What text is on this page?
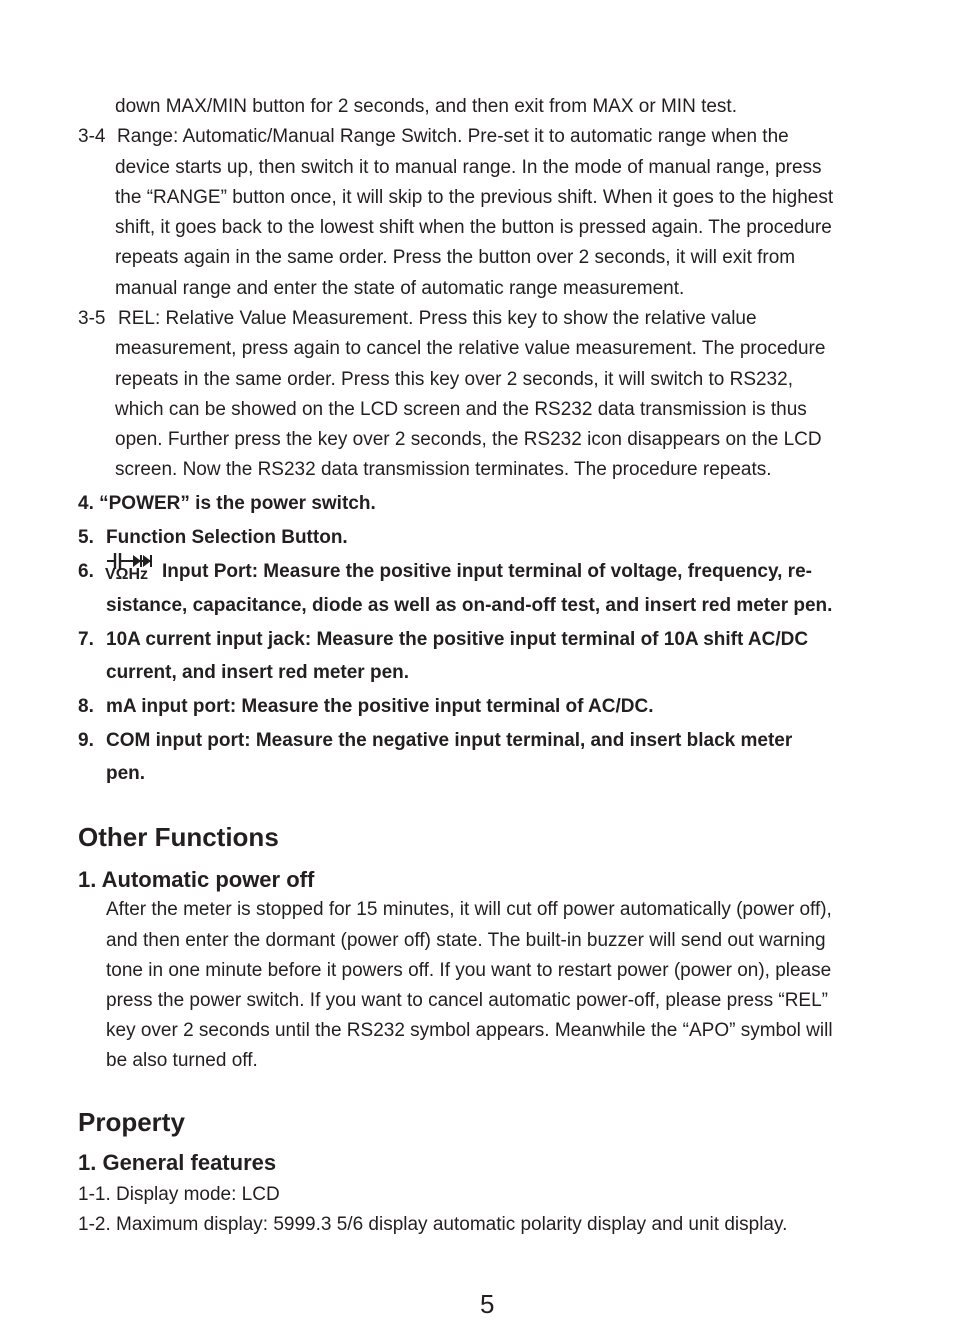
down MAX/MIN button for 2 seconds, and then exit from MAX or MIN test.
3-4 Range: Automatic/Manual Range Switch. Pre-set it to automatic range when the
device starts up, then switch it to manual range. In the mode of manual range, press
the “RANGE” button once, it will skip to the previous shift. When it goes to the highest
shift, it goes back to the lowest shift when the button is pressed again. The procedure
repeats again in the same order. Press the button over 2 seconds, it will exit from
manual range and enter the state of automatic range measurement.
3-5 REL: Relative Value Measurement. Press this key to show the relative value
measurement, press again to cancel the relative value measurement. The procedure
repeats in the same order. Press this key over 2 seconds, it will switch to RS232,
which can be showed on the LCD screen and the RS232 data transmission is thus
open. Further press the key over 2 seconds, the RS232 icon disappears on the LCD
screen. Now the RS232 data transmission terminates. The procedure repeats.
4. “POWER” is the power switch.
5. Function Selection Button.
6. VΩHz Input Port: Measure the positive input terminal of voltage, frequency, re-
sistance, capacitance, diode as well as on-and-off test, and insert red meter pen.
7. 10A current input jack: Measure the positive input terminal of 10A shift AC/DC
current, and insert red meter pen.
8. mA input port: Measure the positive input terminal of AC/DC.
9. COM input port: Measure the negative input terminal, and insert black meter
pen.
Other Functions
1. Automatic power off
After the meter is stopped for 15 minutes, it will cut off power automatically (power off),
and then enter the dormant (power off) state. The built-in buzzer will send out warning
tone in one minute before it powers off. If you want to restart power (power on), please
press the power switch. If you want to cancel automatic power-off, please press “REL”
key over 2 seconds until the RS232 symbol appears. Meanwhile the “APO” symbol will
be also turned off.
Property
1. General features
1-1. Display mode: LCD
1-2. Maximum display: 5999.3 5/6 display automatic polarity display and unit display.
5
